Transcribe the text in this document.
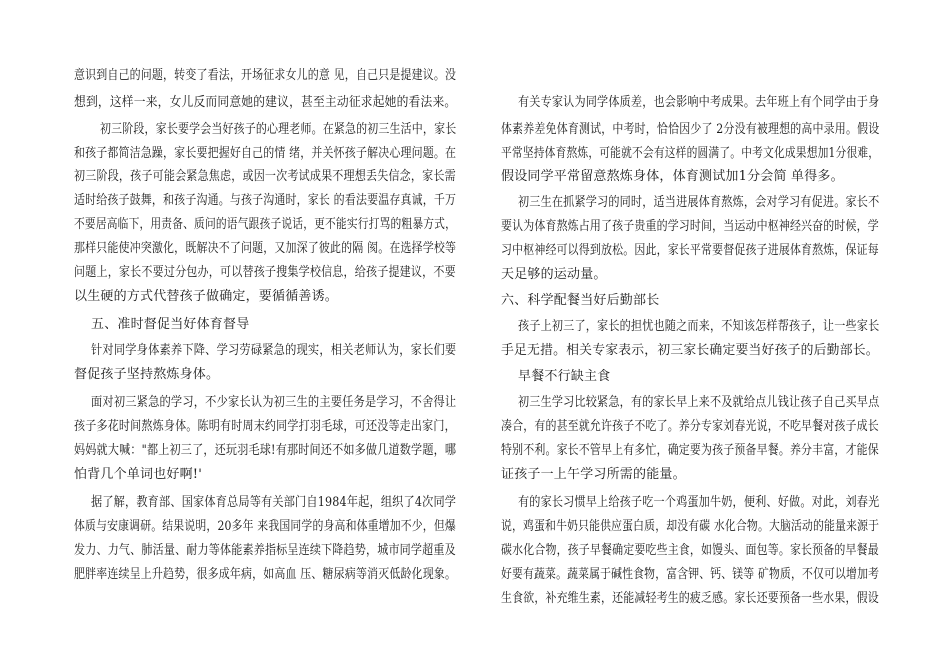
意识到自己的问题，转变了看法，开场征求女儿的意 见，自己只是提建议。没
想到，这样一来，女儿反而同意她的建议，甚至主动征求起她的看法来。
初三阶段，家长要学会当好孩子的心理老师。在紧急的初三生活中，家长
和孩子都简洁急躁，家长要把握好自己的情 绪，并关怀孩子解决心理问题。在
初三阶段，孩子可能会紧急焦虑，或因一次考试成果不理想丢失信念，家长需
适时给孩子鼓舞，和孩子沟通。与孩子沟通时，家长 的看法要温存真诚，千万
不要居高临下，用责备、质问的语气跟孩子说话，更不能实行打骂的粗暴方式，
那样只能使冲突激化，既解决不了问题，又加深了彼此的隔 阂。在选择学校等
问题上，家长不要过分包办，可以替孩子搜集学校信息，给孩子提建议，不要
以生硬的方式代替孩子做确定，要循循善诱。
五、准时督促当好体育督导
针对同学身体素养下降、学习劳碌紧急的现实，相关老师认为，家长们要
督促孩子坚持熬炼身体。
面对初三紧急的学习，不少家长认为初三生的主要任务是学习，不舍得让
孩子多花时间熬炼身体。陈明有时周末约同学打羽毛球，可还没等走出家门，
妈妈就大喊："都上初三了，还玩羽毛球!有那时间还不如多做几道数学题，哪
怕背几个单词也好啊!'
据了解，教育部、国家体育总局等有关部门自1984年起，组织了4次同学
体质与安康调研。结果说明，20多年 来我国同学的身高和体重增加不少，但爆
发力、力气、肺活量、耐力等体能素养指标呈连续下降趋势，城市同学超重及
肥胖率连续呈上升趋势，很多成年病，如高血 压、糖尿病等消灭低龄化现象。
有关专家认为同学体质差，也会影响中考成果。去年班上有个同学由于身
体素养差免体育测试，中考时，恰恰因少了 2分没有被理想的高中录用。假设
平常坚持体育熬炼，可能就不会有这样的圆满了。中考文化成果想加1分很难，
假设同学平常留意熬炼身体，体育测试加1分会简 单得多。
初三生在抓紧学习的同时，适当进展体育熬炼，会对学习有促进。家长不
要认为体育熬炼占用了孩子贵重的学习时间，当运动中枢神经兴奋的时候，学
习中枢神经可以得到放松。因此，家长平常要督促孩子进展体育熬炼，保证每
天足够的运动量。
六、科学配餐当好后勤部长
孩子上初三了，家长的担忧也随之而来，不知该怎样帮孩子，让一些家长
手足无措。相关专家表示，初三家长确定要当好孩子的后勤部长。
早餐不行缺主食
初三生学习比较紧急，有的家长早上来不及就给点儿钱让孩子自己买早点
凑合，有的甚至就允许孩子不吃了。养分专家刘春光说，不吃早餐对孩子成长
特别不利。家长不管早上有多忙，确定要为孩子预备早餐。养分丰富，才能保
证孩子一上午学习所需的能量。
有的家长习惯早上给孩子吃一个鸡蛋加牛奶，便利、好做。对此，刘春光
说，鸡蛋和牛奶只能供应蛋白质，却没有碳 水化合物。大脑活动的能量来源于
碳水化合物，孩子早餐确定要吃些主食，如馒头、面包等。家长预备的早餐最
好要有蔬菜。蔬菜属于碱性食物，富含钾、钙、镁等 矿物质，不仅可以增加考
生食欲，补充维生素，还能减轻考生的疲乏感。家长还要预备一些水果，假设
